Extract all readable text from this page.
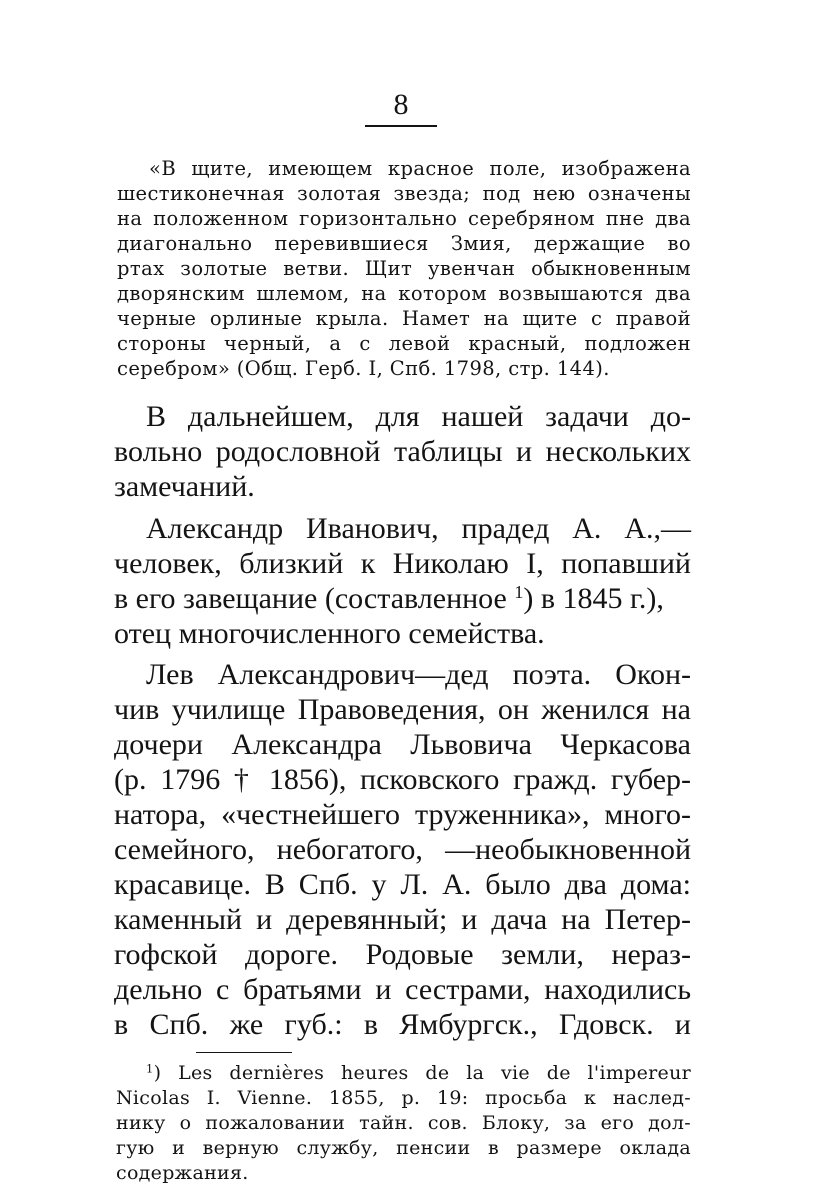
8
«В щите, имеющем красное поле, изображена
шестиконечная золотая звезда; под нею означены
на положенном горизонтально серебряном пне два
диагонально перевившиеся Змия, держащие во
ртах золотые ветви. Щит увенчан обыкновенным
дворянским шлемом, на котором возвышаются два
черные орлиные крыла. Намет на щите с правой
стороны черный, а с левой красный, подложен
серебром» (Общ. Герб. I, Спб. 1798, стр. 144).
В дальнейшем, для нашей задачи до-
вольно родословной таблицы и нескольких
замечаний.
Александр Иванович, прадед А. А.,—
человек, близкий к Николаю I, попавший
в его завещание (составленное $^1$) в 1845 г.),
отец многочисленного семейства.
Лев Александрович—дед поэта. Окон-
чив училище Правоведения, он женился на
дочери Александра Львовича Черкасова
(р. 1796 † 1856), псковского гражд. губер-
натора, «честнейшего труженника», много-
семейного, небогатого, —необыкновенной
красавице. В Спб. у Л. А. было два дома:
каменный и деревянный; и дача на Петер-
гофской дороге. Родовые земли, нераз-
дельно с братьями и сестрами, находились
в Спб. же губ.: в Ямбургск., Гдовск. и
$^1$) Les dernières heures de la vie de l'impereur
Nicolas I. Vienne. 1855, p. 19: просьба к наслед-
нику о пожаловании тайн. сов. Блоку, за его дол-
гую и верную службу, пенсии в размере оклада
содержания.
